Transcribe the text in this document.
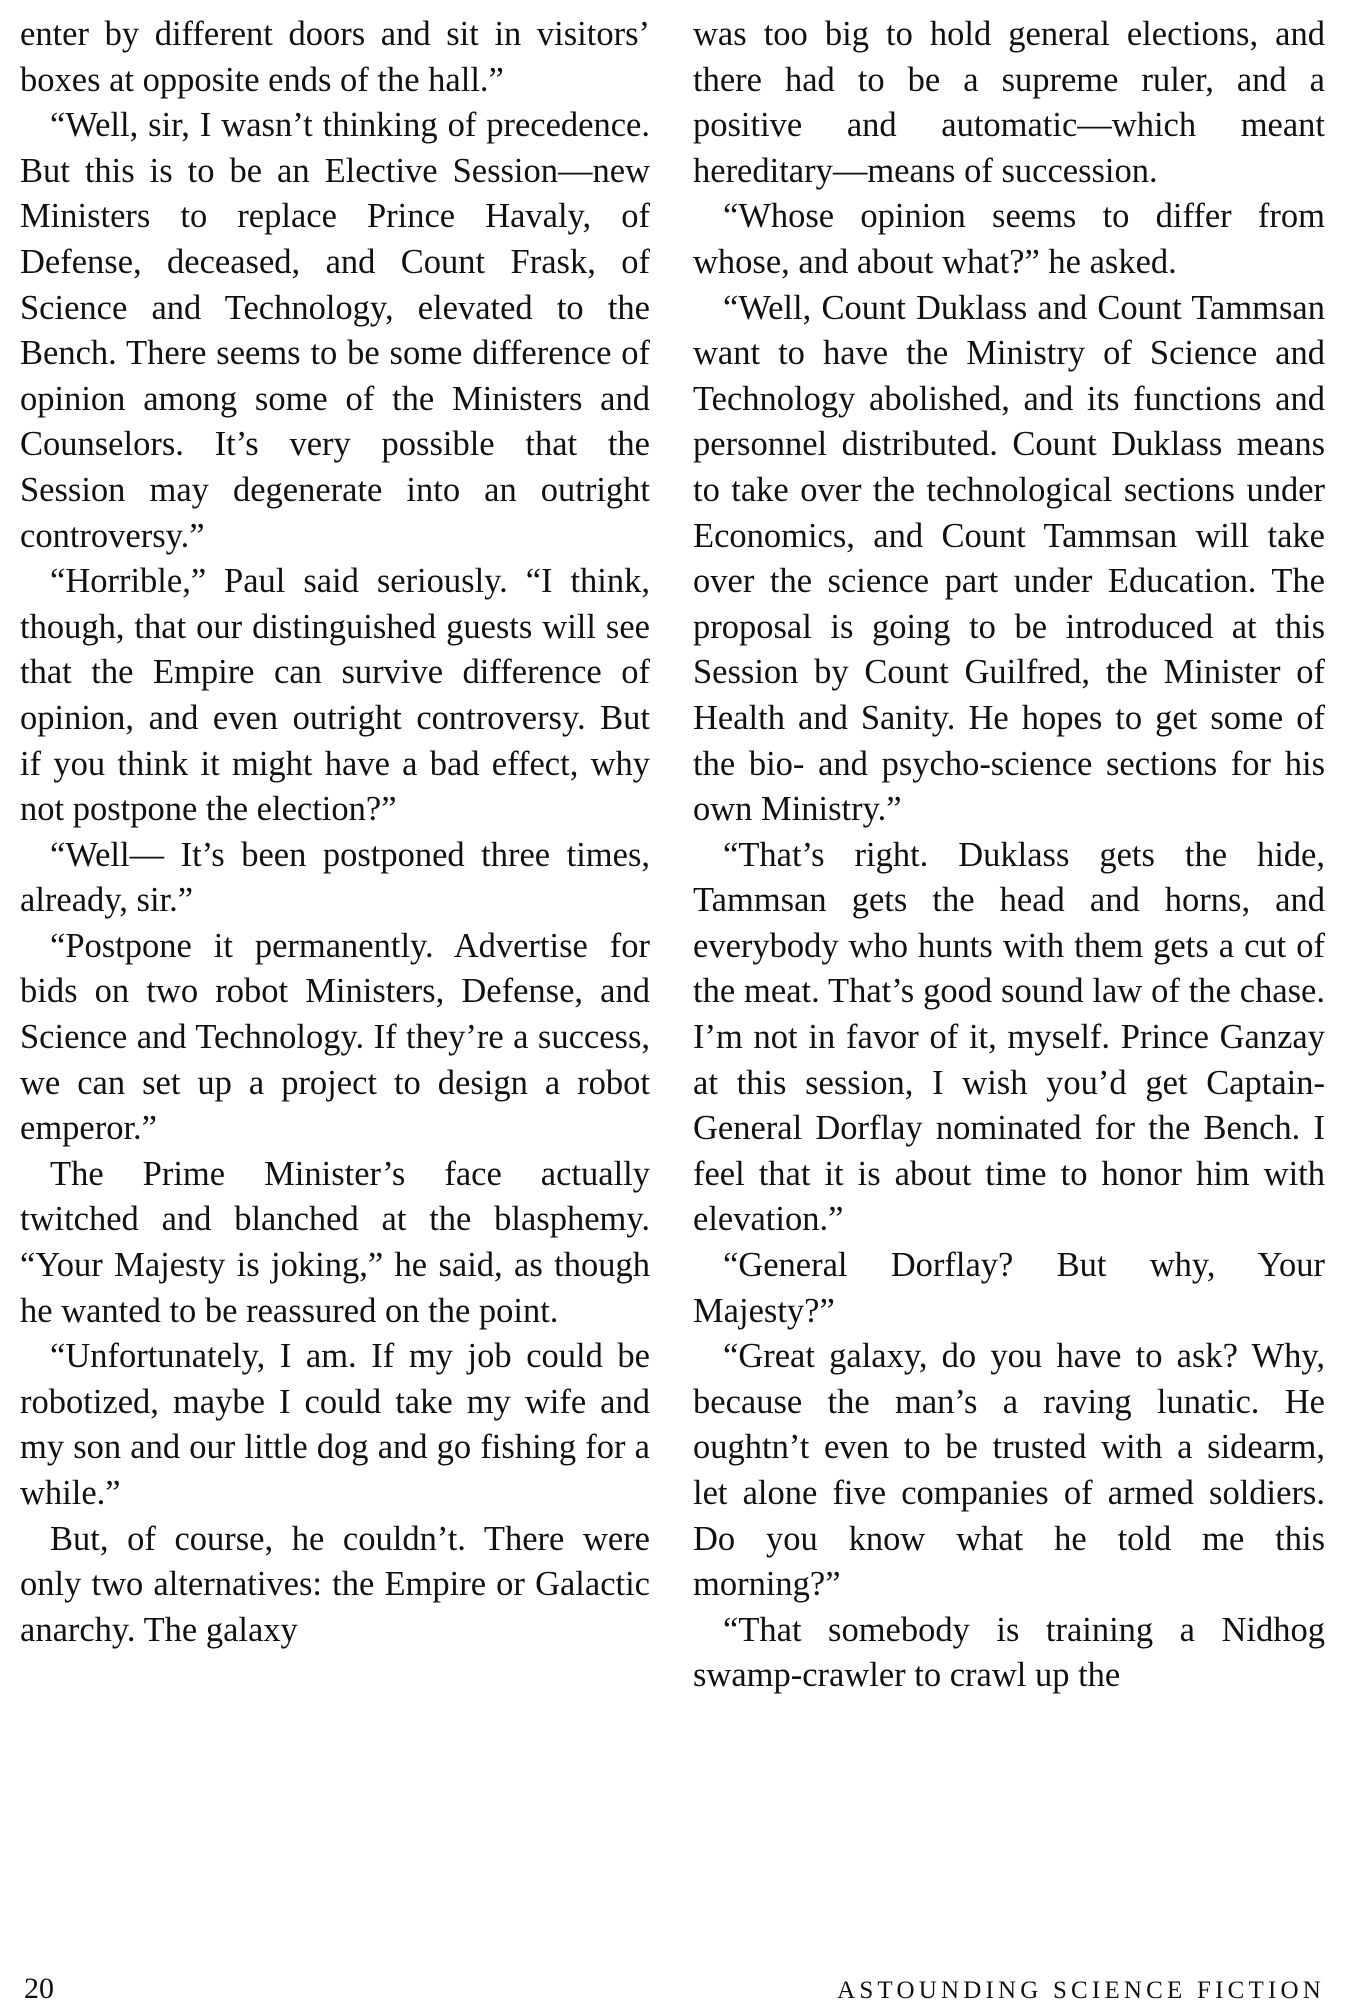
enter by different doors and sit in visitors’ boxes at opposite ends of the hall.”

“Well, sir, I wasn’t thinking of precedence. But this is to be an Elective Session—new Ministers to replace Prince Havaly, of Defense, deceased, and Count Frask, of Science and Technology, elevated to the Bench. There seems to be some difference of opinion among some of the Ministers and Counselors. It’s very possible that the Session may degenerate into an outright controversy.”

“Horrible,” Paul said seriously. “I think, though, that our distinguished guests will see that the Empire can survive difference of opinion, and even outright controversy. But if you think it might have a bad effect, why not postpone the election?”

“Well— It’s been postponed three times, already, sir.”

“Postpone it permanently. Advertise for bids on two robot Ministers, Defense, and Science and Technology. If they’re a success, we can set up a project to design a robot emperor.”

The Prime Minister’s face actually twitched and blanched at the blasphemy. “Your Majesty is joking,” he said, as though he wanted to be reassured on the point.

“Unfortunately, I am. If my job could be robotized, maybe I could take my wife and my son and our little dog and go fishing for a while.”

But, of course, he couldn’t. There were only two alternatives: the Empire or Galactic anarchy. The galaxy

was too big to hold general elections, and there had to be a supreme ruler, and a positive and automatic—which meant hereditary—means of succession.

“Whose opinion seems to differ from whose, and about what?” he asked.

“Well, Count Duklass and Count Tammsan want to have the Ministry of Science and Technology abolished, and its functions and personnel distributed. Count Duklass means to take over the technological sections under Economics, and Count Tammsan will take over the science part under Education. The proposal is going to be introduced at this Session by Count Guilfred, the Minister of Health and Sanity. He hopes to get some of the bio- and psycho-science sections for his own Ministry.”

“That’s right. Duklass gets the hide, Tammsan gets the head and horns, and everybody who hunts with them gets a cut of the meat. That’s good sound law of the chase. I’m not in favor of it, myself. Prince Ganzay at this session, I wish you’d get Captain-General Dorflay nominated for the Bench. I feel that it is about time to honor him with elevation.”

“General Dorflay? But why, Your Majesty?”

“Great galaxy, do you have to ask? Why, because the man’s a raving lunatic. He oughtn’t even to be trusted with a sidearm, let alone five companies of armed soldiers. Do you know what he told me this morning?”

“That somebody is training a Nidhog swamp-crawler to crawl up the

20	ASTOUNDING SCIENCE FICTION
